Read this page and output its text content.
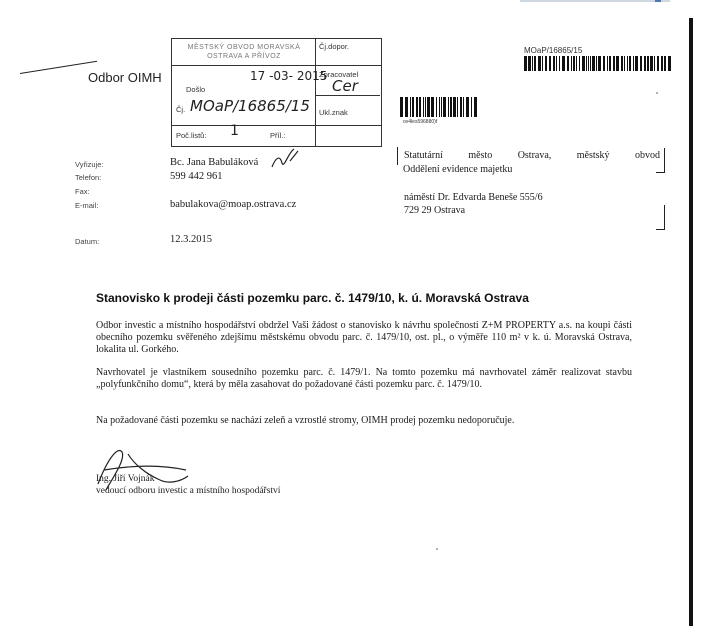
Odbor OIMH
MĚSTSKÝ OBVOD MORAVSKÁ OSTRAVA A PŘÍVOZ
Čj.dopor.
Došlo
17 -03- 2015
Zpracovatel
Cer
Čj. MOaP/16865/15 Ukl.znak
Poč.listů: 1	Příl.:
MOaP/16865/15
ov4les596880)f
Vyřizuje:	Bc. Jana Babuláková
Telefon:	599 442 961
Fax:
E-mail:	babulakova@moap.ostrava.cz
Datum:	12.3.2015
Statutární město Ostrava, městský obvod
Oddělení evidence majetku
náměstí Dr. Edvarda Beneše 555/6
729 29 Ostrava
Stanovisko k prodeji části pozemku parc. č. 1479/10, k. ú. Moravská Ostrava
Odbor investic a místního hospodářství obdržel Vaši žádost o stanovisko k návrhu společnosti Z+M PROPERTY a.s. na koupi části obecního pozemku svěřeného zdejšímu městskému obvodu parc. č. 1479/10, ost. pl., o výměře 110 m² v k. ú. Moravská Ostrava, lokalita ul. Gorkého.
Navrhovatel je vlastníkem sousedního pozemku parc. č. 1479/1. Na tomto pozemku má navrhovatel záměr realizovat stavbu „polyfunkčního domu“, která by měla zasahovat do požadované části pozemku parc. č. 1479/10.
Na požadované části pozemku se nachází zeleň a vzrostlé stromy, OIMH prodej pozemku nedoporučuje.
Ing. Jiří Vojnák
vedoucí odboru investic a místního hospodářství
